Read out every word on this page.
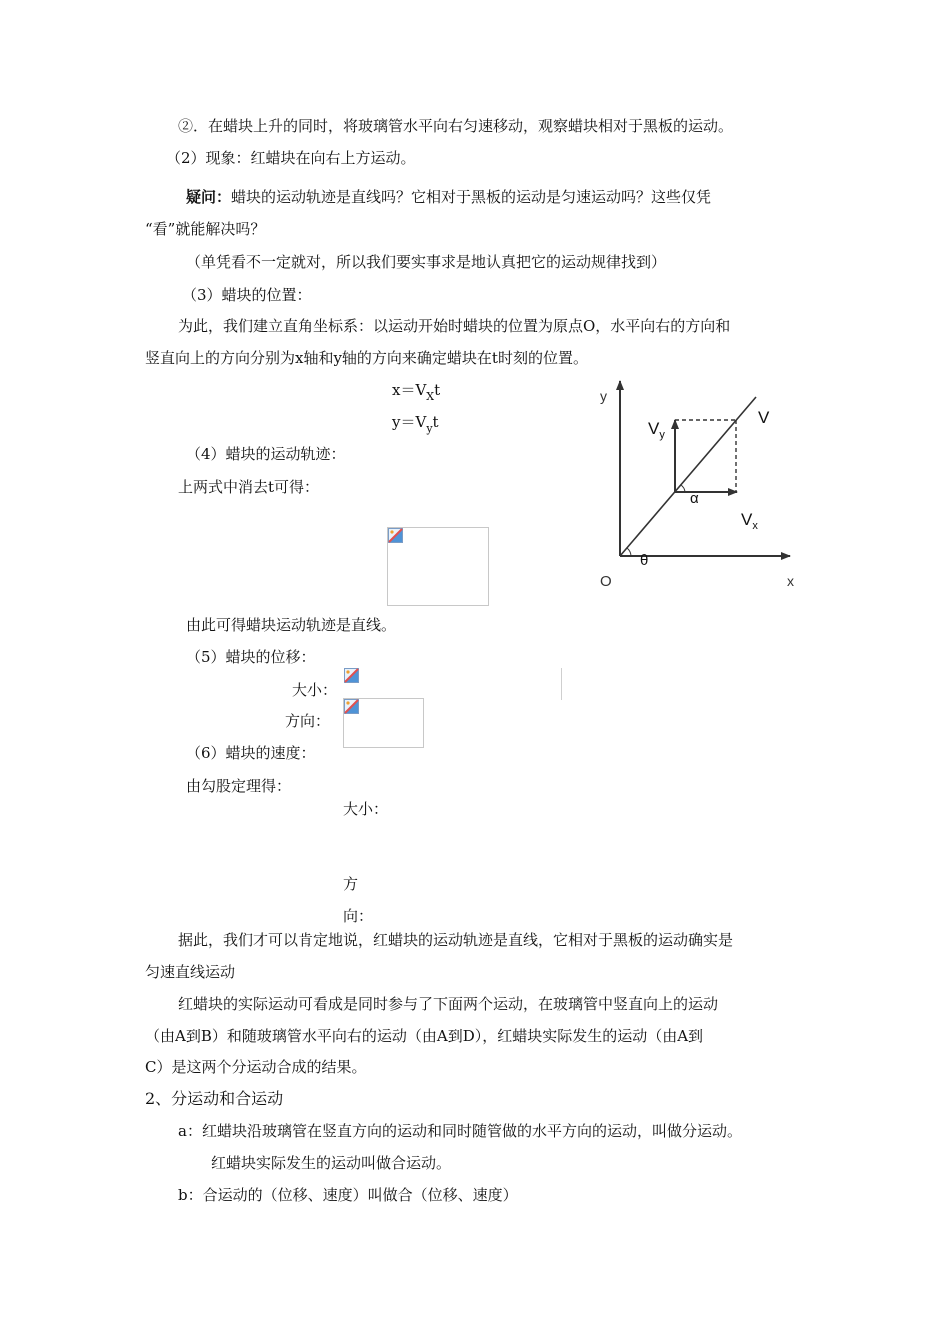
②．在蜡块上升的同时，将玻璃管水平向右匀速移动，观察蜡块相对于黑板的运动。
（2）现象：红蜡块在向右上方运动。
疑问：蜡块的运动轨迹是直线吗？它相对于黑板的运动是匀速运动吗？这些仅凭
“看”就能解决吗？
（单凭看不一定就对，所以我们要实事求是地认真把它的运动规律找到）
（3）蜡块的位置：
为此，我们建立直角坐标系：以运动开始时蜡块的位置为原点O，水平向右的方向和
竖直向上的方向分别为x轴和y轴的方向来确定蜡块在t时刻的位置。
$x=V_Xt$
$y=V_yt$
（4）蜡块的运动轨迹：
上两式中消去t可得：
由此可得蜡块运动轨迹是直线。
（5）蜡块的位移：
大小：
方向：
（6）蜡块的速度：
由勾股定理得：
大小：
方
向：
据此，我们才可以肯定地说，红蜡块的运动轨迹是直线，它相对于黑板的运动确实是
匀速直线运动
红蜡块的实际运动可看成是同时参与了下面两个运动，在玻璃管中竖直向上的运动
（由A到B）和随玻璃管水平向右的运动（由A到D），红蜡块实际发生的运动（由A到
C）是这两个分运动合成的结果。
2、分运动和合运动
a：红蜡块沿玻璃管在竖直方向的运动和同时随管做的水平方向的运动，叫做分运动。
红蜡块实际发生的运动叫做合运动。
b：合运动的（位移、速度）叫做合（位移、速度）
y
x
O
V
$V_y$
$V_x$
α
θ
